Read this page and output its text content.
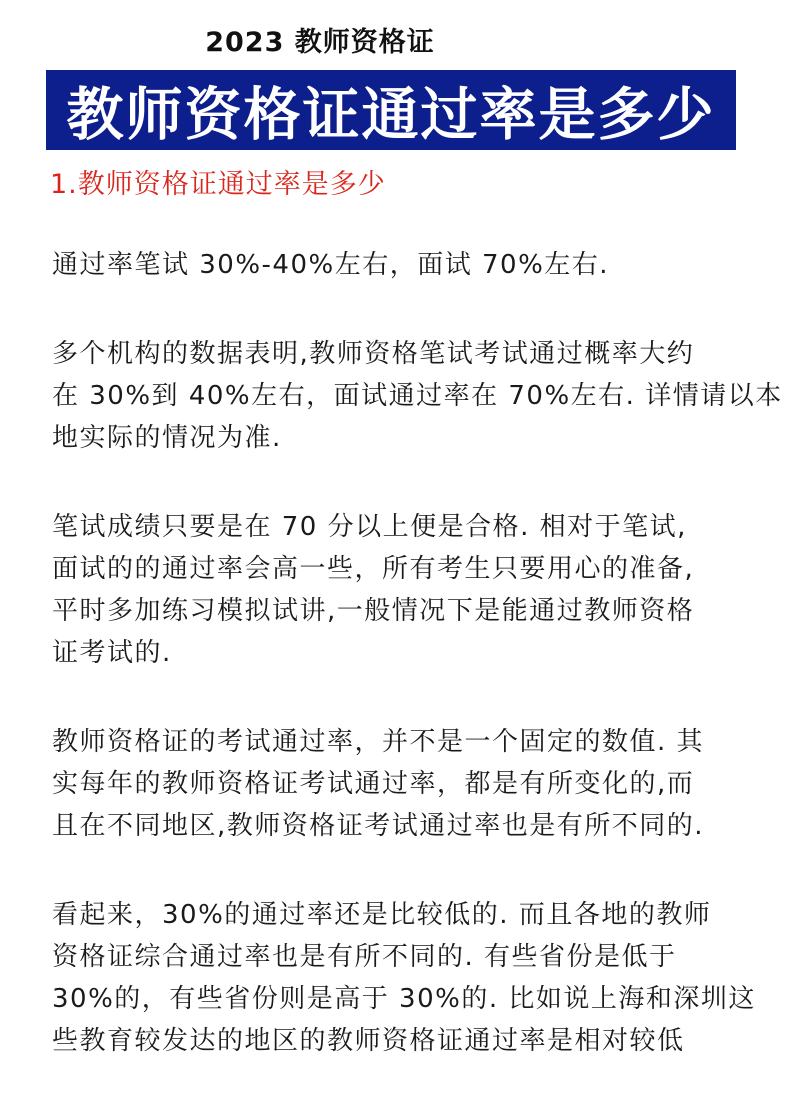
2023 教师资格证
教师资格证通过率是多少
1.教师资格证通过率是多少

通过率笔试 30%-40%左右，面试 70%左右.

多个机构的数据表明,教师资格笔试考试通过概率大约
在 30%到 40%左右，面试通过率在 70%左右. 详情请以本
地实际的情况为准.

笔试成绩只要是在 70 分以上便是合格. 相对于笔试,
面试的的通过率会高一些，所有考生只要用心的准备,
平时多加练习模拟试讲,一般情况下是能通过教师资格
证考试的.

教师资格证的考试通过率，并不是一个固定的数值. 其
实每年的教师资格证考试通过率，都是有所变化的,而
且在不同地区,教师资格证考试通过率也是有所不同的.

看起来，30%的通过率还是比较低的. 而且各地的教师
资格证综合通过率也是有所不同的. 有些省份是低于
30%的，有些省份则是高于 30%的. 比如说上海和深圳这
些教育较发达的地区的教师资格证通过率是相对较低
